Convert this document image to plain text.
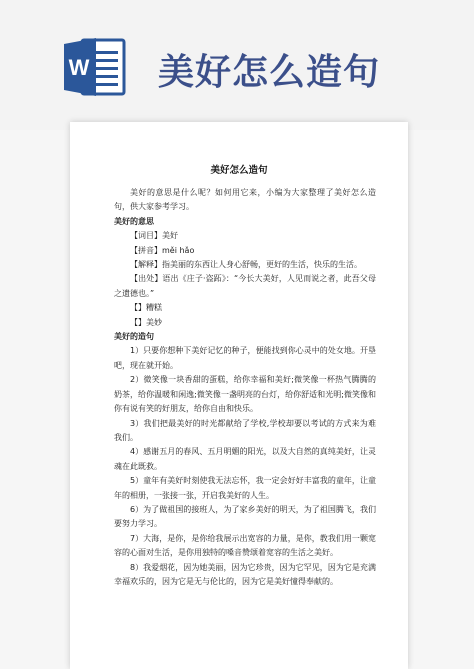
W 美好怎么造句
美好怎么造句

美好的意思是什么呢？如何用它来，小编为大家整理了美好怎么造句，供大家参考学习。

美好的意思

【词目】美好

【拼音】měi hǎo

【解释】指美丽的东西让人身心舒畅，更好的生活，快乐的生活。

【出处】语出《庄子·盗跖》：“今长大美好，人见而说之者，此吾父母之遗德也。”

【】糟糕

【】美妙

美好的造句

1）只要你想种下美好记忆的种子，便能找到你心灵中的处女地。开垦吧，现在就开始。

2）微笑像一块香甜的蛋糕，给你幸福和美好;微笑像一杯热气腾腾的奶茶，给你温暖和闲逸;微笑像一盏明亮的台灯，给你舒适和光明;微笑像和你有说有笑的好朋友，给你自由和快乐。

3）我们把最美好的时光都献给了学校,学校却要以考试的方式来为难我们。

4）感谢五月的春风、五月明媚的阳光，以及大自然的真纯美好，让灵魂在此既救。

5）童年有美好时刻使我无法忘怀，我一定会好好丰富我的童年，让童年的相册，一张接一张，开启我美好的人生。

6）为了做祖国的接班人，为了家乡美好的明天，为了祖国腾飞，我们要努力学习。

7）大海，是你，是你给我展示出宽容的力量，是你，教我们用一颗宽容的心面对生活，是你用独特的嗓音赞颂着宽容的生活之美好。

8）我爱烟花，因为她美丽，因为它珍贵，因为它罕见，因为它是充满幸福欢乐的，因为它是无与伦比的，因为它是美好憧得奉献的。
